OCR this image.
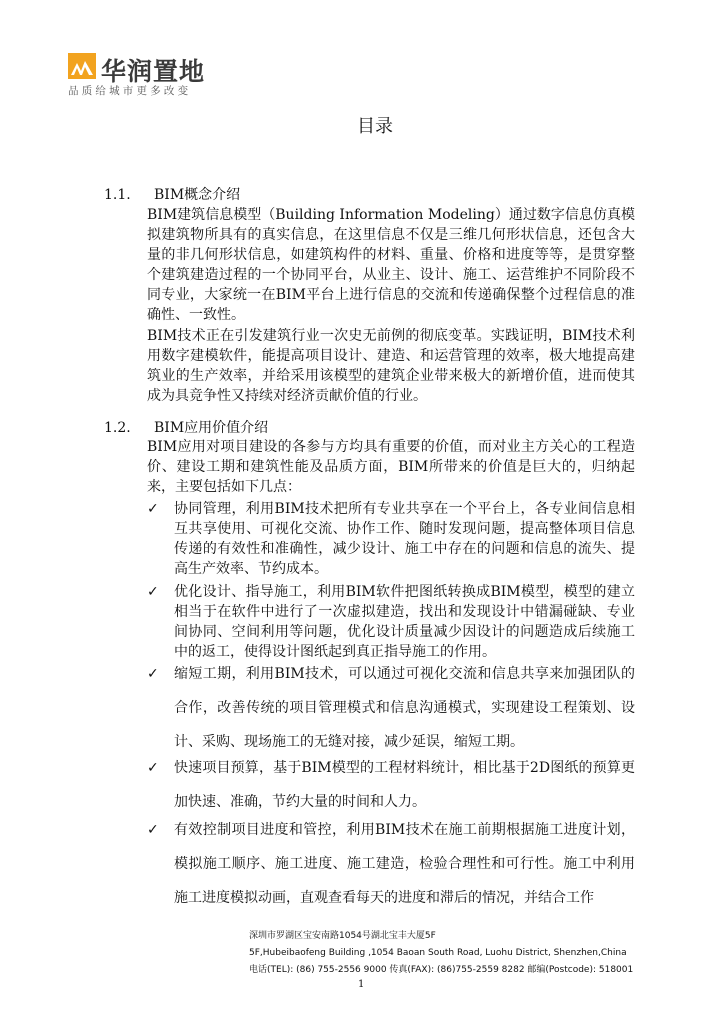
华润置地
品质给城市更多改变
目录
1.1. BIM概念介绍

BIM建筑信息模型（Building Information Modeling）通过数字信息仿真模拟建筑物所具有的真实信息，在这里信息不仅是三维几何形状信息，还包含大量的非几何形状信息，如建筑构件的材料、重量、价格和进度等等，是贯穿整个建筑建造过程的一个协同平台，从业主、设计、施工、运营维护不同阶段不同专业，大家统一在BIM平台上进行信息的交流和传递确保整个过程信息的准确性、一致性。

BIM技术正在引发建筑行业一次史无前例的彻底变革。实践证明，BIM技术利用数字建模软件，能提高项目设计、建造、和运营管理的效率，极大地提高建筑业的生产效率，并给采用该模型的建筑企业带来极大的新增价值，进而使其成为具竞争性又持续对经济贡献价值的行业。

1.2. BIM应用价值介绍

BIM应用对项目建设的各参与方均具有重要的价值，而对业主方关心的工程造价、建设工期和建筑性能及品质方面，BIM所带来的价值是巨大的，归纳起来，主要包括如下几点：

✓ 协同管理，利用BIM技术把所有专业共享在一个平台上，各专业间信息相互共享使用、可视化交流、协作工作、随时发现问题，提高整体项目信息传递的有效性和准确性，减少设计、施工中存在的问题和信息的流失、提高生产效率、节约成本。
✓ 优化设计、指导施工，利用BIM软件把图纸转换成BIM模型，模型的建立相当于在软件中进行了一次虚拟建造，找出和发现设计中错漏碰缺、专业间协同、空间利用等问题，优化设计质量减少因设计的问题造成后续施工中的返工，使得设计图纸起到真正指导施工的作用。
✓ 缩短工期，利用BIM技术，可以通过可视化交流和信息共享来加强团队的合作，改善传统的项目管理模式和信息沟通模式，实现建设工程策划、设计、采购、现场施工的无缝对接，减少延误，缩短工期。
✓ 快速项目预算，基于BIM模型的工程材料统计，相比基于2D图纸的预算更加快速、准确，节约大量的时间和人力。
✓ 有效控制项目进度和管控，利用BIM技术在施工前期根据施工进度计划，模拟施工顺序、施工进度、施工建造，检验合理性和可行性。施工中利用施工进度模拟动画，直观查看每天的进度和滞后的情况，并结合工作
深圳市罗湖区宝安南路1054号湖北宝丰大厦5F
5F,Hubeibaofeng Building ,1054 Baoan South Road, Luohu District, Shenzhen,China
电话(TEL): (86) 755-2556 9000 传真(FAX): (86)755-2559 8282 邮编(Postcode): 518001
1
